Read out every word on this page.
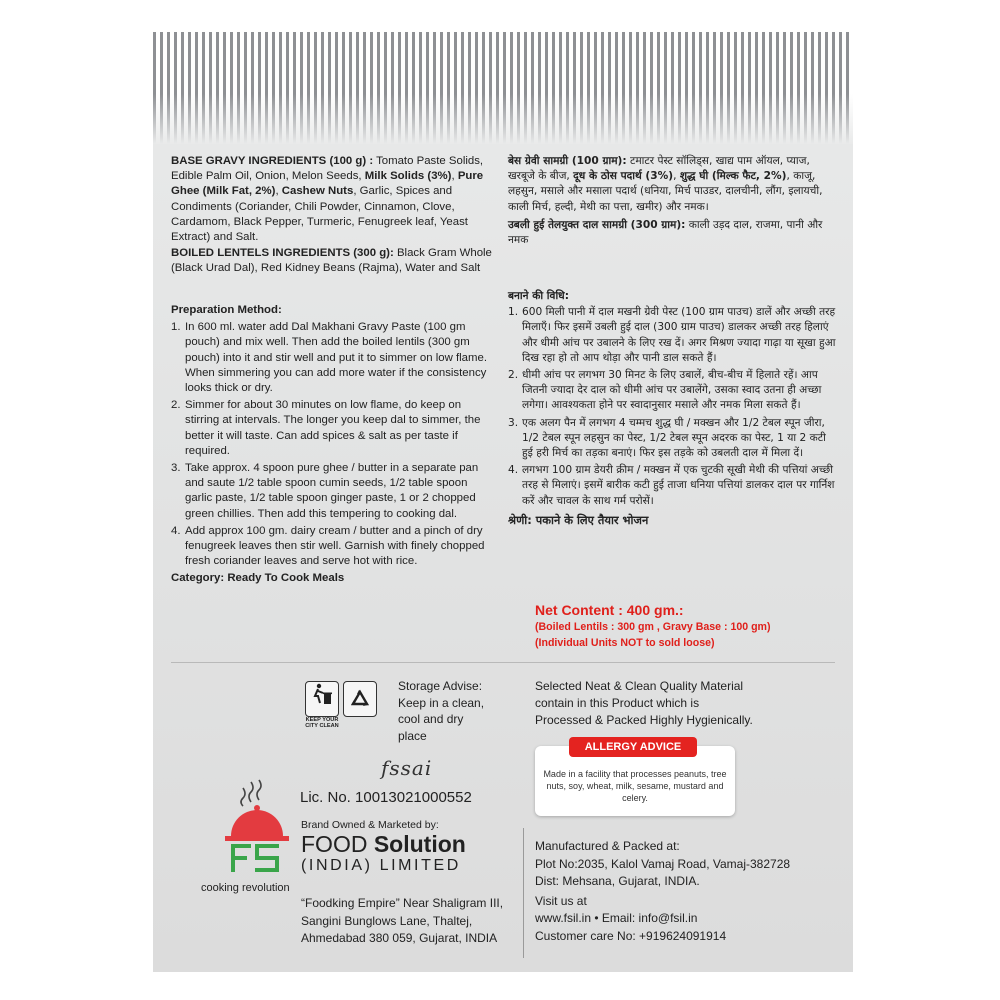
BASE GRAVY INGREDIENTS (100 g) : Tomato Paste Solids, Edible Palm Oil, Onion, Melon Seeds, Milk Solids (3%), Pure Ghee (Milk Fat, 2%), Cashew Nuts, Garlic, Spices and Condiments (Coriander, Chili Powder, Cinnamon, Clove, Cardamom, Black Pepper, Turmeric, Fenugreek leaf, Yeast Extract) and Salt.
BOILED LENTELS INGREDIENTS (300 g): Black Gram Whole (Black Urad Dal), Red Kidney Beans (Rajma), Water and Salt
Preparation Method:
1. In 600 ml. water add Dal Makhani Gravy Paste (100 gm pouch) and mix well. Then add the boiled lentils (300 gm pouch) into it and stir well and put it to simmer on low flame. When simmering you can add more water if the consistency looks thick or dry.
2. Simmer for about 30 minutes on low flame, do keep on stirring at intervals. The longer you keep dal to simmer, the better it will taste. Can add spices & salt as per taste if required.
3. Take approx. 4 spoon pure ghee / butter in a separate pan and saute 1/2 table spoon cumin seeds, 1/2 table spoon garlic paste, 1/2 table spoon ginger paste, 1 or 2 chopped green chillies. Then add this tempering to cooking dal.
4. Add approx 100 gm. dairy cream / butter and a pinch of dry fenugreek leaves then stir well. Garnish with finely chopped fresh coriander leaves and serve hot with rice.
Category: Ready To Cook Meals
बेस ग्रेवी सामग्री (100 ग्राम): टमाटर पेस्ट सॉलिड्स, खाद्य पाम ऑयल, प्याज, खरबूजे के बीज, दूध के ठोस पदार्थ (3%), शुद्ध घी (मिल्क फैट, 2%), काजू, लहसुन, मसाले और मसाला पदार्थ (धनिया, मिर्च पाउडर, दालचीनी, लौंग, इलायची, काली मिर्च, हल्दी, मेथी का पत्ता, खमीर) और नमक।
उबली हुई तेलयुक्त दाल सामग्री (300 ग्राम): काली उड़द दाल, राजमा, पानी और नमक
बनाने की विधि:
1. 600 मिली पानी में दाल मखनी ग्रेवी पेस्ट (100 ग्राम पाउच) डालें और अच्छी तरह मिलाएँ। फिर इसमें उबली हुई दाल (300 ग्राम पाउच) डालकर अच्छी तरह हिलाएं और धीमी आंच पर उबालने के लिए रख दें। अगर मिश्रण ज्यादा गाढ़ा या सूखा हुआ दिख रहा हो तो आप थोड़ा और पानी डाल सकते हैं।
2. धीमी आंच पर लगभग 30 मिनट के लिए उबालें, बीच-बीच में हिलाते रहें। आप जितनी ज्यादा देर दाल को धीमी आंच पर उबालेंगे, उसका स्वाद उतना ही अच्छा लगेगा। आवश्यकता होने पर स्वादानुसार मसाले और नमक मिला सकते हैं।
3. एक अलग पैन में लगभग 4 चम्मच शुद्ध घी / मक्खन और 1/2 टेबल स्पून जीरा, 1/2 टेबल स्पून लहसुन का पेस्ट, 1/2 टेबल स्पून अदरक का पेस्ट, 1 या 2 कटी हुई हरी मिर्च का तड़का बनाएं। फिर इस तड़के को उबलती दाल में मिला दें।
4. लगभग 100 ग्राम डेयरी क्रीम / मक्खन में एक चुटकी सूखी मेथी की पत्तियां अच्छी तरह से मिलाएं। इसमें बारीक कटी हुई ताजा धनिया पत्तियां डालकर दाल पर गार्निश करें और चावल के साथ गर्म परोसें।
श्रेणी: पकाने के लिए तैयार भोजन
Net Content : 400 gm.:
(Boiled Lentils : 300 gm , Gravy Base : 100 gm)
(Individual Units NOT to sold loose)
KEEP YOUR CITY CLEAN
Storage Advise:
Keep in a clean, cool and dry place
Selected Neat & Clean Quality Material contain in this Product which is Processed & Packed Highly Hygienically.
ALLERGY ADVICE
Made in a facility that processes peanuts, tree nuts, soy, wheat, milk, sesame, mustard and celery.
fssai
Lic. No. 10013021000552
cooking revolution
Brand Owned & Marketed by:
FOOD Solution
(INDIA) LIMITED
“Foodking Empire” Near Shaligram III,
Sangini Bunglows Lane, Thaltej,
Ahmedabad 380 059, Gujarat, INDIA
Manufactured & Packed at:
Plot No:2035, Kalol Vamaj Road, Vamaj-382728
Dist: Mehsana, Gujarat, INDIA.
Visit us at
www.fsil.in • Email: info@fsil.in
Customer care No: +919624091914
